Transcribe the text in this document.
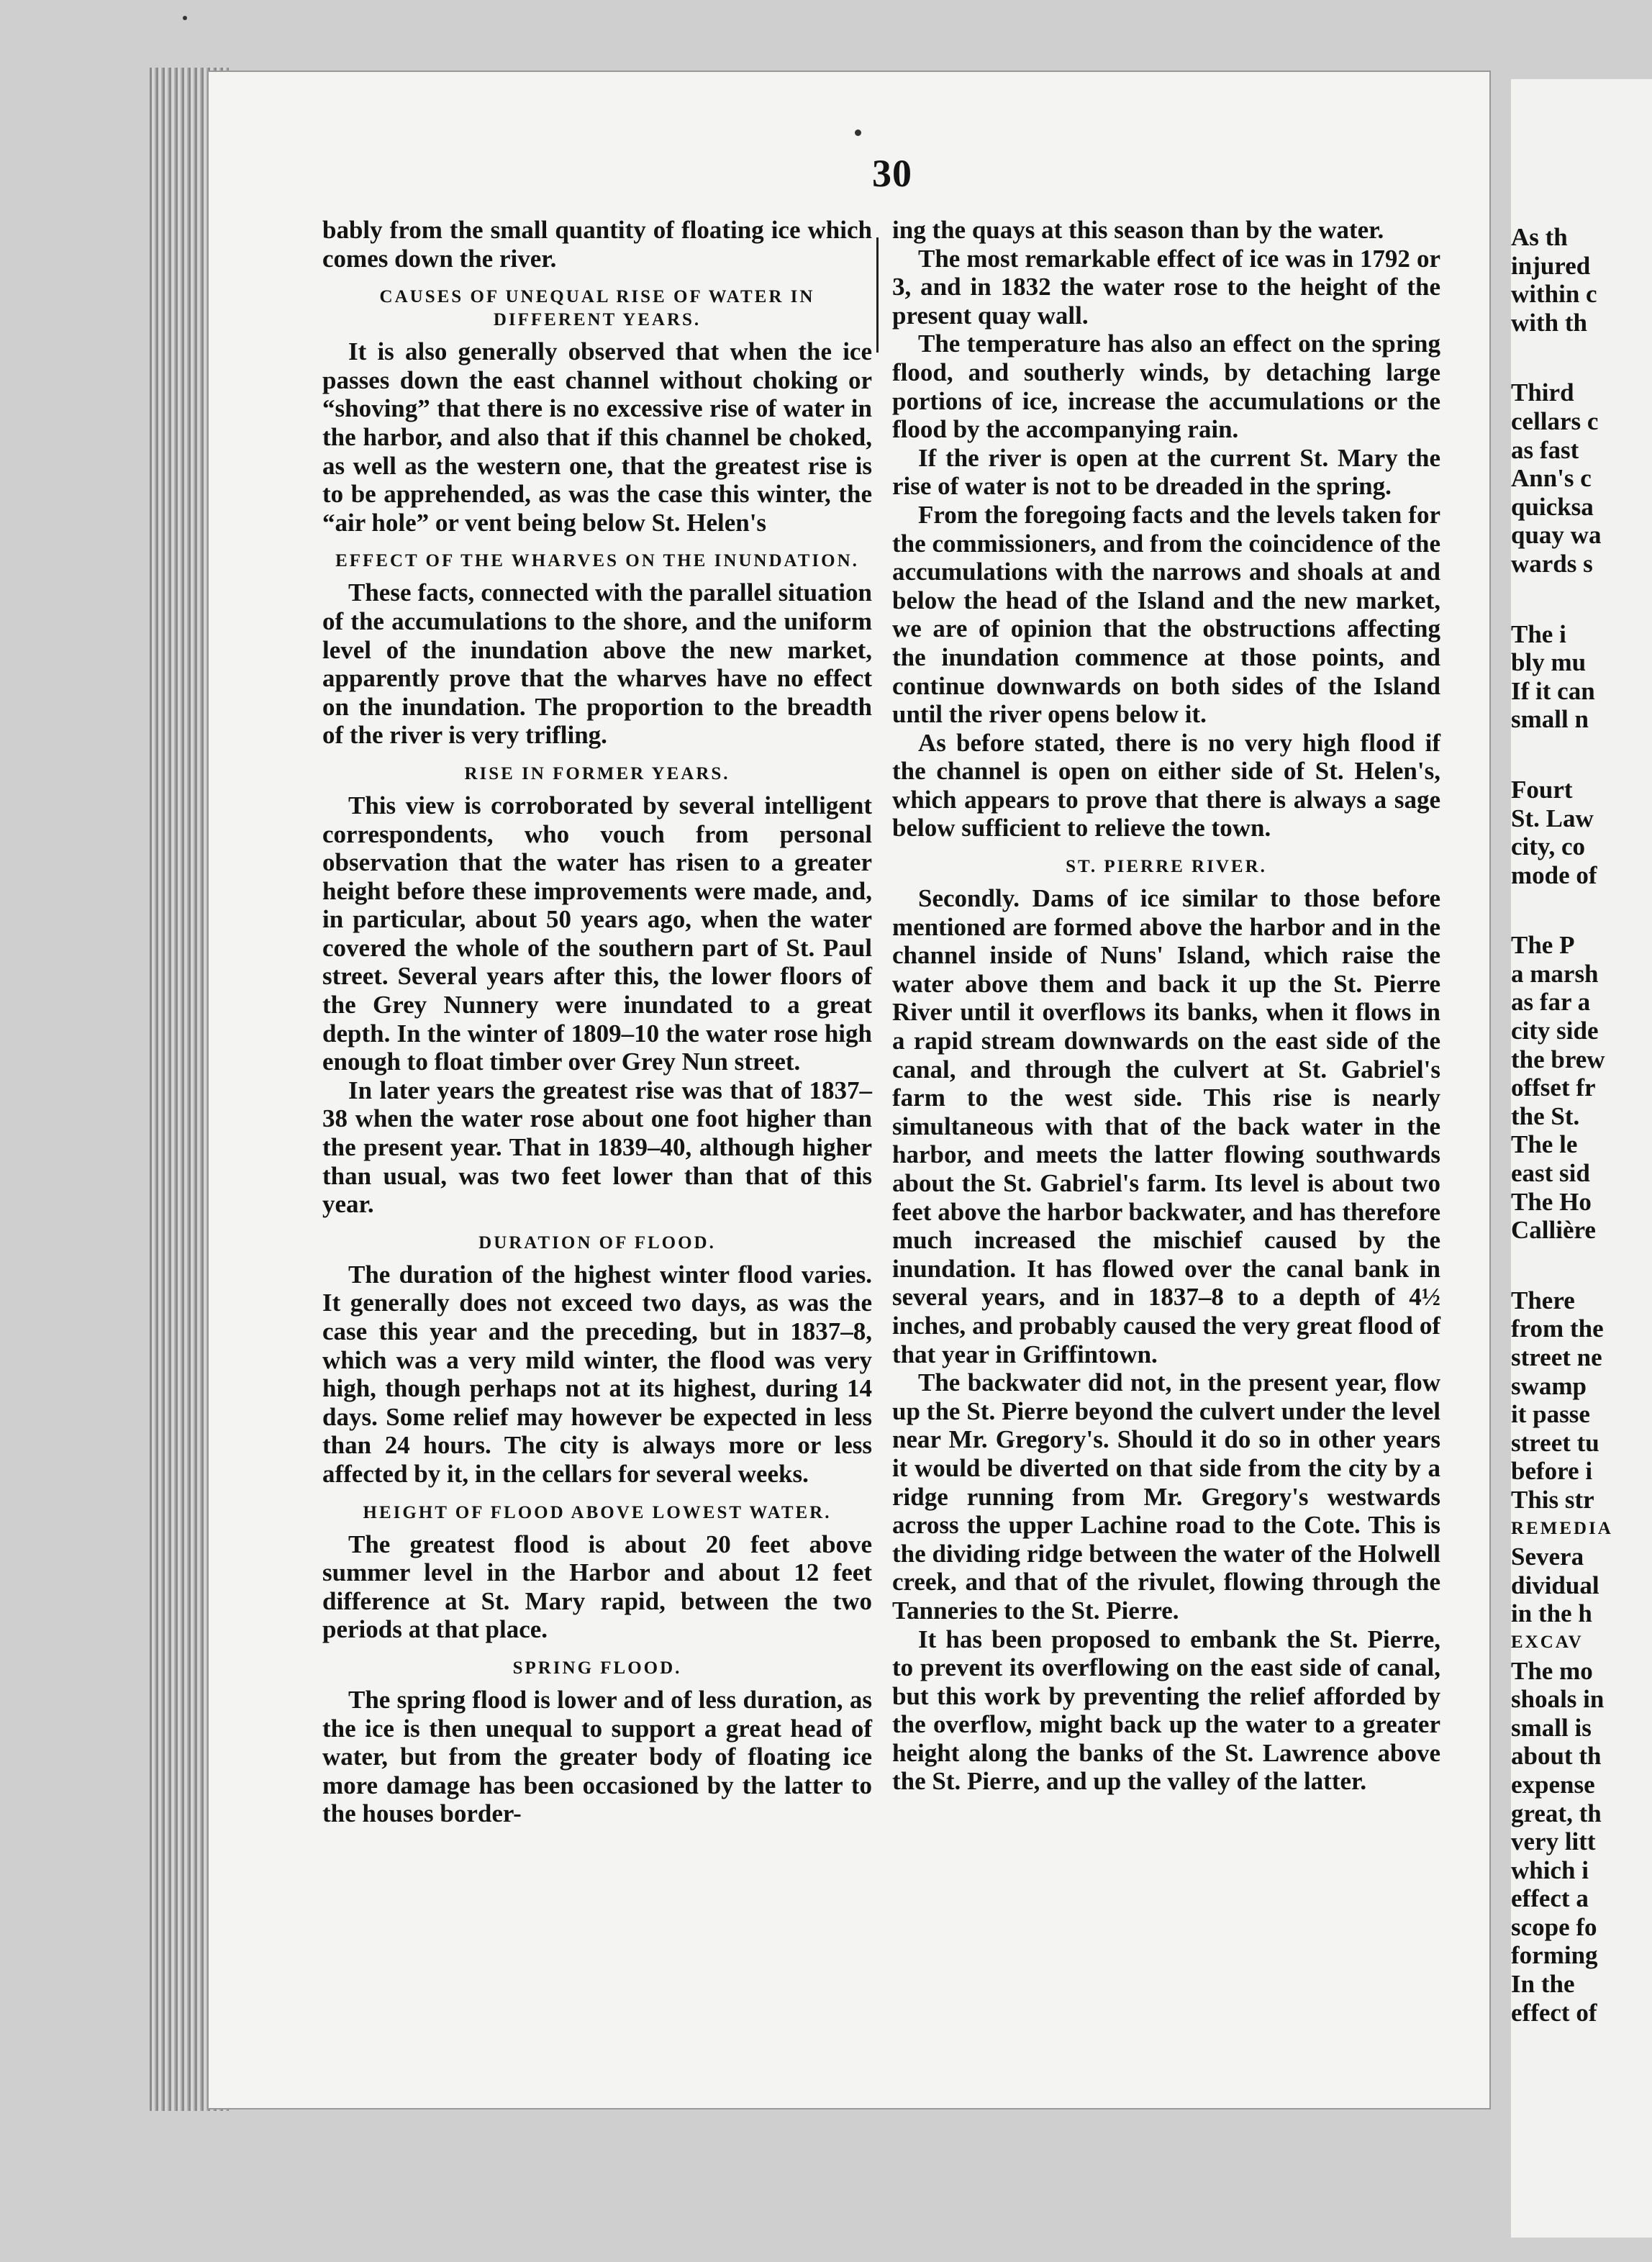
30

bably from the small quantity of floating ice which comes down the river.

CAUSES OF UNEQUAL RISE OF WATER IN DIFFERENT YEARS.

It is also generally observed that when the ice passes down the east channel without choking or “shoving” that there is no excessive rise of water in the harbor, and also that if this channel be choked, as well as the western one, that the greatest rise is to be apprehended, as was the case this winter, the “air hole” or vent being below St. Helen's

EFFECT OF THE WHARVES ON THE INUNDATION.

These facts, connected with the parallel situation of the accumulations to the shore, and the uniform level of the inundation above the new market, apparently prove that the wharves have no effect on the inundation. The proportion to the breadth of the river is very trifling.

RISE IN FORMER YEARS.

This view is corroborated by several intelligent correspondents, who vouch from personal observation that the water has risen to a greater height before these improvements were made, and, in particular, about 50 years ago, when the water covered the whole of the southern part of St. Paul street. Several years after this, the lower floors of the Grey Nunnery were inundated to a great depth. In the winter of 1809–10 the water rose high enough to float timber over Grey Nun street.

In later years the greatest rise was that of 1837–38 when the water rose about one foot higher than the present year. That in 1839–40, although higher than usual, was two feet lower than that of this year.

DURATION OF FLOOD.

The duration of the highest winter flood varies. It generally does not exceed two days, as was the case this year and the preceding, but in 1837–8, which was a very mild winter, the flood was very high, though perhaps not at its highest, during 14 days. Some relief may however be expected in less than 24 hours. The city is always more or less affected by it, in the cellars for several weeks.

HEIGHT OF FLOOD ABOVE LOWEST WATER.

The greatest flood is about 20 feet above summer level in the Harbor and about 12 feet difference at St. Mary rapid, between the two periods at that place.

SPRING FLOOD.

The spring flood is lower and of less duration, as the ice is then unequal to support a great head of water, but from the greater body of floating ice more damage has been occasioned by the latter to the houses border-

ing the quays at this season than by the water.

The most remarkable effect of ice was in 1792 or 3, and in 1832 the water rose to the height of the present quay wall.

The temperature has also an effect on the spring flood, and southerly winds, by detaching large portions of ice, increase the accumulations or the flood by the accompanying rain.

If the river is open at the current St. Mary the rise of water is not to be dreaded in the spring.

From the foregoing facts and the levels taken for the commissioners, and from the coincidence of the accumulations with the narrows and shoals at and below the head of the Island and the new market, we are of opinion that the obstructions affecting the inundation commence at those points, and continue downwards on both sides of the Island until the river opens below it.

As before stated, there is no very high flood if the channel is open on either side of St. Helen's, which appears to prove that there is always a sage below sufficient to relieve the town.

ST. PIERRE RIVER.

Secondly. Dams of ice similar to those before mentioned are formed above the harbor and in the channel inside of Nuns' Island, which raise the water above them and back it up the St. Pierre River until it overflows its banks, when it flows in a rapid stream downwards on the east side of the canal, and through the culvert at St. Gabriel's farm to the west side. This rise is nearly simultaneous with that of the back water in the harbor, and meets the latter flowing southwards about the St. Gabriel's farm. Its level is about two feet above the harbor backwater, and has therefore much increased the mischief caused by the inundation. It has flowed over the canal bank in several years, and in 1837–8 to a depth of 4½ inches, and probably caused the very great flood of that year in Griffintown.

The backwater did not, in the present year, flow up the St. Pierre beyond the culvert under the level near Mr. Gregory's. Should it do so in other years it would be diverted on that side from the city by a ridge running from Mr. Gregory's westwards across the upper Lachine road to the Cote. This is the dividing ridge between the water of the Holwell creek, and that of the rivulet, flowing through the Tanneries to the St. Pierre.

It has been proposed to embank the St. Pierre, to prevent its overflowing on the east side of canal, but this work by preventing the relief afforded by the overflow, might back up the water to a greater height along the banks of the St. Lawrence above the St. Pierre, and up the valley of the latter.

As th
injured
within c
with th
Third
cellars c
as fast
Ann's c
quicksa
quay wa
wards s
The i
bly mu
If it can
small n
Fourt
St. Law
city, co
mode of
The P
a marsh
as far a
city side
the brew
offset fr
the St.
The le
east sid
The Ho
Callière
There
from the
street ne
swamp
it passe
street tu
before i
This str
REMEDIA
Severa
dividual
in the h
EXCAV
The mo
shoals in
small is
about th
expense
great, th
very litt
which i
effect a
scope fo
forming
In the
effect of
